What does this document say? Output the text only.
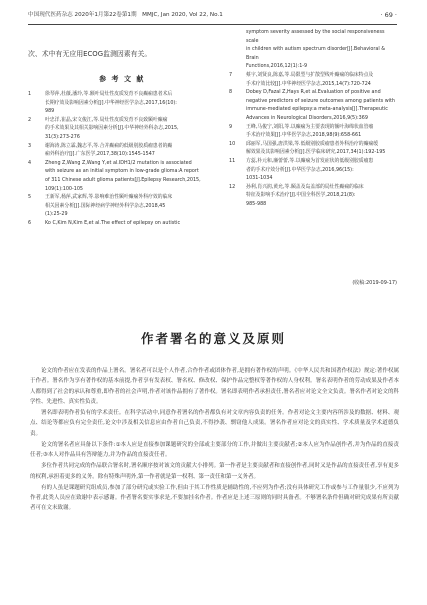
中国现代医药杂志 2020年1月第22卷第1期　MMJC, Jan 2020, Vol 22, No.1	· 69 ·
次、术中有无应用ECOG监测因素有关。
参 考 文 献
1	徐琴萍,杜薇,潘玲,等.额叶局灶性皮质发育不良癫痫患者术后
长期疗效及影响因素分析[J].中华神经医学杂志,2017,16(10):
989
2	叶忠洋,崔晶,宋文俊江,等.局灶性皮质发育不良致颞叶癫痫
的手术效果及其相关影响因素分析[J].中华神经外科杂志,2015,
31(3):273-276
3	谢海涛,陈立霖,魏志平,等.合并癫痫的低级别胶质瘤患者的癫
痫外科治疗[J].广东医学,2017,38(10):1545-1547
4	Zheng Z,Wang Z,Wang Y,et al.IDH1/2 mutation is associated
with seizure as an initial symptom in low-grade glioma:A report
of 311 Chinese adult glioma patients[J].Epilepsy Research,2015,
109(1):100-105
5	王新军,杨萍,武家辉,等.影响难治性颞叶癫痫外科疗效的临床
相关因素分析[J].国际神经病学神经外科学杂志,2018,45
(1):25-29
6	Ko C,Kim N,Kim E,et al.The effect of epilepsy on autistic
symptom severity assessed by the social responsiveness scale
in children with autism spectrum disorder[J].Behavioral & Brain
Functions,2016,12(1):1-9
7	蔡宇,刘贤良,陈嘉,等.局限型与扩散型线叶癫痫的临床特点及
手术疗效比较[J].中华神经医学杂志,2015,14(7):720-724
8	Dobey D,Fazal Z,Hays R,et al.Evaluation of positive and
negative predictors of seizure outcomes among patients with
immune-mediated epilepsy:a meta-analysis[J].Therapeutic
Advances in Neurological Disorders,2016,9(5):369
9	王峰,马俊宁,刘阳,等.以癫痫为主要表现的额叶海绵状血管瘤
手术治疗效果[J].中华医学杂志,2018,98(9):658-661
10 邱丽军,马国强,唐洪梁,等.低级别胶质瘤患者外科治疗的癫痫缓
解效果及其影响因素分析[J].医学临床研究,2017,34(1):192-195
11 方蕊,朴元和,廉蕾蕾,等.以癫痫为首发症状的低级别胶质瘤患
者的手术疗效分析[J].中华医学杂志,2016,96(15):
1031-1034
12 孙利,肖兴润,黄允,等.颞盖及岛盖部的局灶性癫痫的临床
特征及影响手术治疗[J].中国全科医学,2018,21(8):
985-988
(收稿:2019-09-17)
作者署名的意义及原则

论文的作者应在发表的作品上署名。署名者可以是个人作者,合作作者或团体作者,是拥有著作权的声明。《中华人民共和国著作权法》规定:著作权属于作者。署名作为享有著作权的基本前提,作者享有发表权、署名权、修改权、保护作品完整权等著作权的人身权利。署名表明作者的劳动成果及作者本人都得到了社会的承认和尊重,即作者的社会声明,作者对该作品拥有了著作权。署名即表明作者承担责任,署名者应对论文全文负责。署名作者对论文的科学性、先进性、真实性负责。

署名即表明作者负有的学术责任。在科学活动中,同意作者署名的作者都负有对文章内容负责的任务。作者对论文主要内容所涉及的数据、材料、观点、结论等都应负有完全责任,论文中涉及相关信息应由作者自己负责,不得抄袭、剽窃他人成果。署名作者应对论文的真实性、学术质量及学术道德负责。

论文的署名者应具备以下条件:①本人应是直接参加课题研究的全部或主要部分的工作,并做出主要贡献者;②本人应为作品创作者,并为作品的直接责任者;③本人对作品具有答辩能力,并为作品的直接责任者。

多位作者共同完成的作品联合署名时,署名顺序按对该文的贡献大小排列。第一作者是主要贡献者和直接创作者,同时又是作品的直接责任者,享有更多的权利,承担着更多的义务。除有特殊声明外,第一作者就是第一权利、第一责任和第一义务者。

有的人虽是课题研究组成员,参加了部分研究或实验工作,但由于其工作性质是辅助性的,不应列为作者;没有具体研究工作或参与工作量很少,不应列为作者,此类人员应在致谢中表示感谢。作者署名要实事求是,不要加挂名作者。作者应是上述三原则的同时具备者。不够署名条件但确对研究成果有所贡献者可在文末致谢。
